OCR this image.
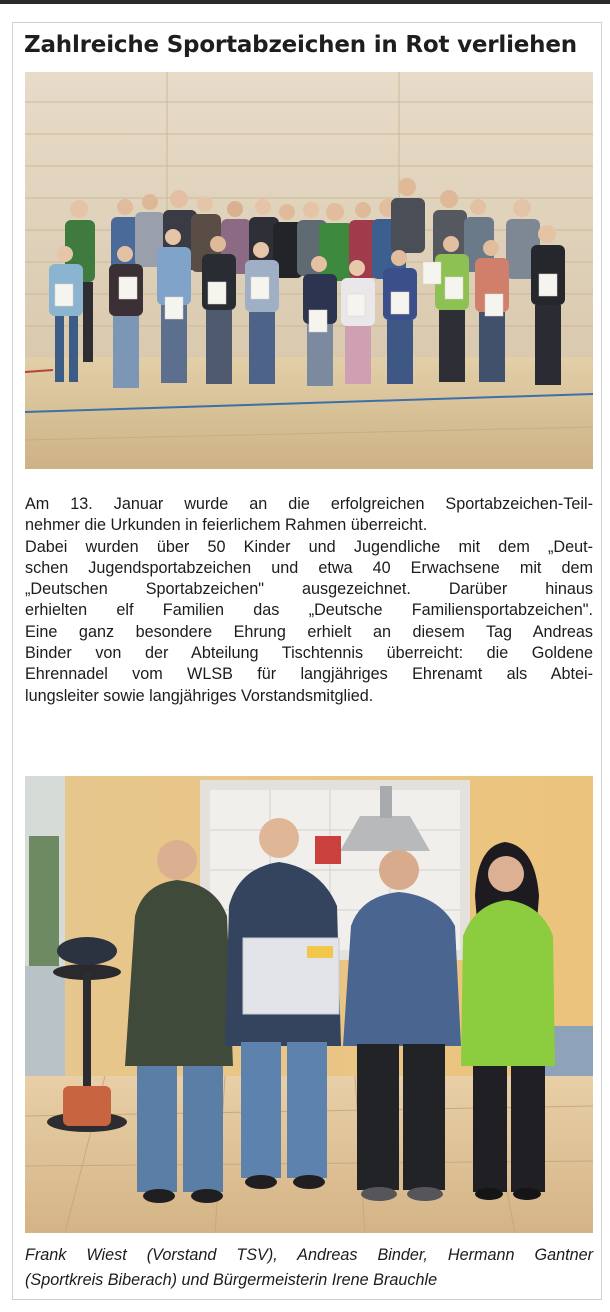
Zahlreiche Sportabzeichen in Rot verliehen
Am 13. Januar wurde an die erfolgreichen Sportabzeichen-Teil-
nehmer die Urkunden in feierlichem Rahmen überreicht.
Dabei wurden über 50 Kinder und Jugendliche mit dem „Deut-
schen Jugendsportabzeichen und etwa 40 Erwachsene mit dem
„Deutschen Sportabzeichen" ausgezeichnet. Darüber hinaus
erhielten elf Familien das „Deutsche Familiensportabzeichen".
Eine ganz besondere Ehrung erhielt an diesem Tag Andreas
Binder von der Abteilung Tischtennis überreicht: die Goldene
Ehrennadel vom WLSB für langjähriges Ehrenamt als Abtei-
lungsleiter sowie langjähriges Vorstandsmitglied.
Frank Wiest (Vorstand TSV), Andreas Binder, Hermann Gantner
(Sportkreis Biberach) und Bürgermeisterin Irene Brauchle
